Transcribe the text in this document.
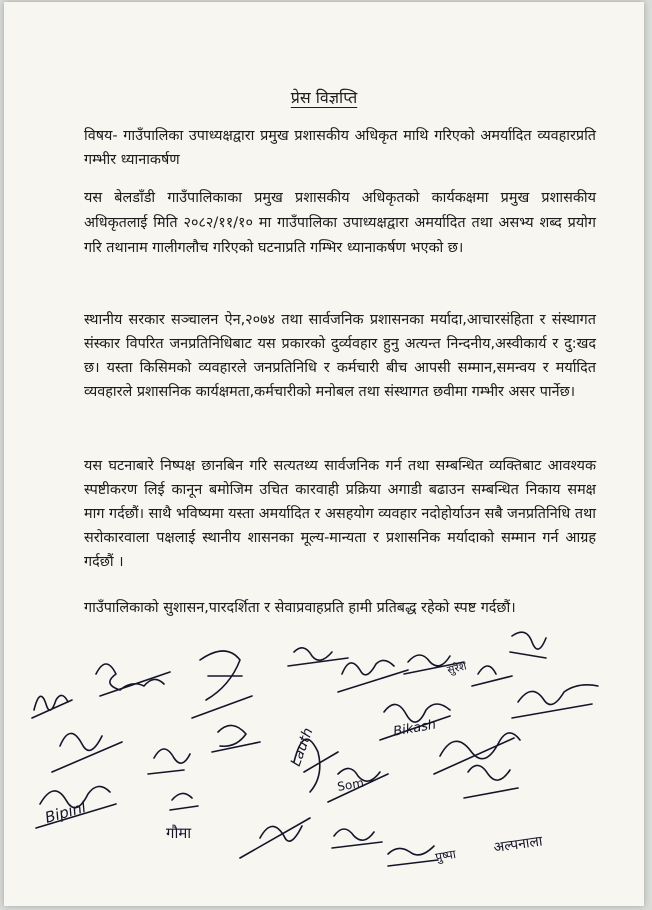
प्रेस विज्ञप्ति
विषय- गाउँपालिका उपाध्यक्षद्वारा प्रमुख प्रशासकीय अधिकृत माथि गरिएको अमर्यादित व्यवहारप्रति गम्भीर ध्यानाकर्षण
यस बेलडाँडी गाउँपालिकाका प्रमुख प्रशासकीय अधिकृतको कार्यकक्षमा प्रमुख प्रशासकीय अधिकृतलाई मिति २०८२/११/१० मा गाउँपालिका उपाध्यक्षद्वारा अमर्यादित तथा असभ्य शब्द प्रयोग गरि तथानाम गालीगलौच गरिएको घटनाप्रति गम्भिर ध्यानाकर्षण भएको छ।
स्थानीय सरकार सञ्चालन ऐन,२०७४ तथा सार्वजनिक प्रशासनका मर्यादा,आचारसंहिता र संस्थागत संस्कार विपरित जनप्रतिनिधिबाट यस प्रकारको दुर्व्यवहार हुनु अत्यन्त निन्दनीय,अस्वीकार्य र दु:खद छ। यस्ता किसिमको व्यवहारले जनप्रतिनिधि र कर्मचारी बीच आपसी सम्मान,समन्वय र मर्यादित व्यवहारले प्रशासनिक कार्यक्षमता,कर्मचारीको मनोबल तथा संस्थागत छवीमा गम्भीर असर पार्नेछ।
यस घटनाबारे निष्पक्ष छानबिन गरि सत्यतथ्य सार्वजनिक गर्न तथा सम्बन्धित व्यक्तिबाट आवश्यक स्पष्टीकरण लिई कानून बमोजिम उचित कारवाही प्रक्रिया अगाडी बढाउन सम्बन्धित निकाय समक्ष माग गर्दछौं। साथै भविष्यमा यस्ता अमर्यादित र असहयोग व्यवहार नदोहोर्याउन सबै जनप्रतिनिधि तथा सरोकारवाला पक्षलाई स्थानीय शासनका मूल्य-मान्यता र प्रशासनिक मर्यादाको सम्मान गर्न आग्रह गर्दछौं ।
गाउँपालिकाको सुशासन,पारदर्शिता र सेवाप्रवाहप्रति हामी प्रतिबद्ध रहेको स्पष्ट गर्दछौं।
Bipinl
गौमा
Lauth
अल्पनाला
पुष्पा
सुरेश
Bikash
Som
